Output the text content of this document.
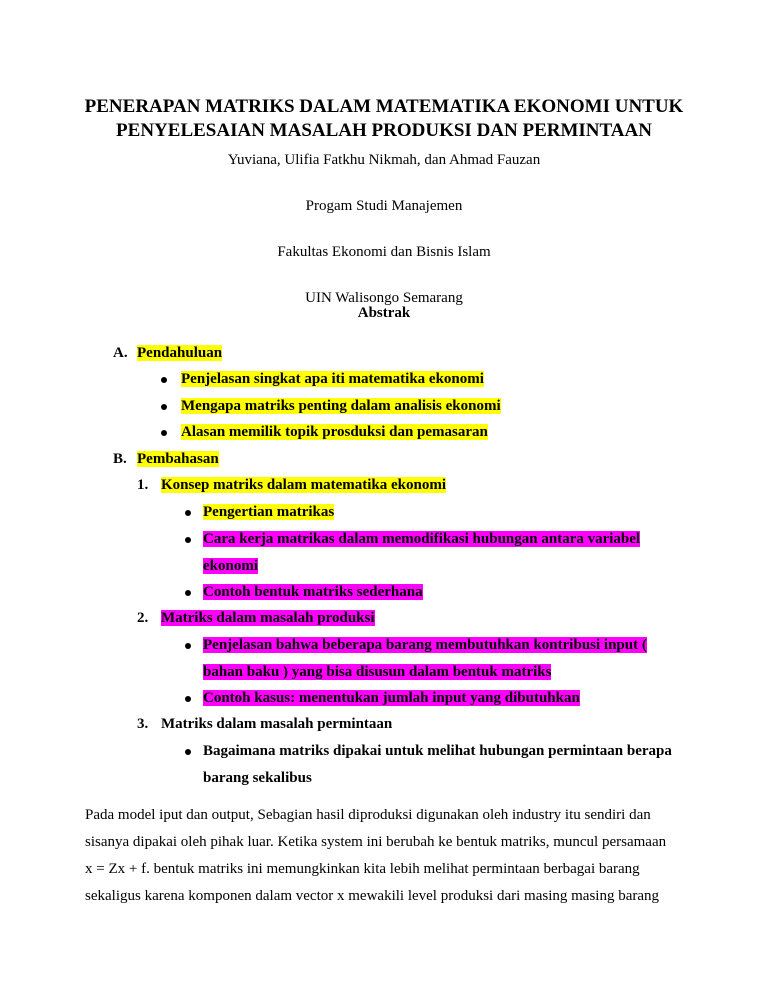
PENERAPAN MATRIKS DALAM MATEMATIKA EKONOMI UNTUK
PENYELESAIAN MASALAH PRODUKSI DAN PERMINTAAN
Yuviana, Ulifia Fatkhu Nikmah, dan Ahmad Fauzan
Progam Studi Manajemen
Fakultas Ekonomi dan Bisnis Islam
UIN Walisongo Semarang
Abstrak
A. Pendahuluan
Penjelasan singkat apa iti matematika ekonomi
Mengapa matriks penting dalam analisis ekonomi
Alasan memilik topik prosduksi dan pemasaran
B. Pembahasan
1. Konsep matriks dalam matematika ekonomi
Pengertian matrikas
Cara kerja matrikas dalam memodifikasi hubungan antara variabel
ekonomi
Contoh bentuk matriks sederhana
2. Matriks dalam masalah produksi
Penjelasan bahwa beberapa barang membutuhkan kontribusi input (
bahan baku ) yang bisa disusun dalam bentuk matriks
Contoh kasus: menentukan jumlah input yang dibutuhkan
3. Matriks dalam masalah permintaan
Bagaimana matriks dipakai untuk melihat hubungan permintaan berapa
barang sekalibus
Pada model iput dan output, Sebagian hasil diproduksi digunakan oleh industry itu sendiri dan
sisanya dipakai oleh pihak luar. Ketika system ini berubah ke bentuk matriks, muncul persamaan
x = Zx + f. bentuk matriks ini memungkinkan kita lebih melihat permintaan berbagai barang
sekaligus karena komponen dalam vector x mewakili level produksi dari masing masing barang
